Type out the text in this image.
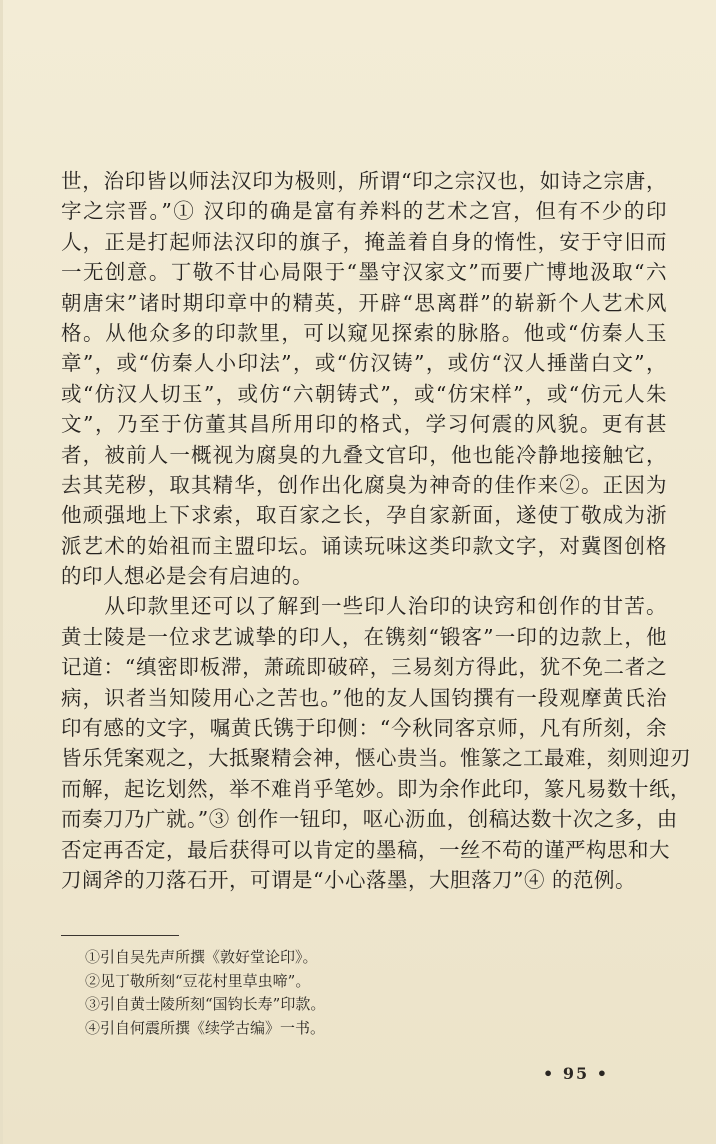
世，治印皆以师法汉印为极则，所谓“印之宗汉也，如诗之宗唐，
字之宗晋。”① 汉印的确是富有养料的艺术之宫，但有不少的印
人，正是打起师法汉印的旗子，掩盖着自身的惰性，安于守旧而
一无创意。丁敬不甘心局限于“墨守汉家文”而要广博地汲取“六
朝唐宋”诸时期印章中的精英，开辟“思离群”的崭新个人艺术风
格。从他众多的印款里，可以窥见探索的脉胳。他或“仿秦人玉
章”，或“仿秦人小印法”，或“仿汉铸”，或仿“汉人捶凿白文”，
或“仿汉人切玉”，或仿“六朝铸式”，或“仿宋样”，或“仿元人朱
文”，乃至于仿董其昌所用印的格式，学习何震的风貌。更有甚
者，被前人一概视为腐臭的九叠文官印，他也能冷静地接触它，
去其芜秽，取其精华，创作出化腐臭为神奇的佳作来②。正因为
他顽强地上下求索，取百家之长，孕自家新面，遂使丁敬成为浙
派艺术的始祖而主盟印坛。诵读玩味这类印款文字，对冀图创格
的印人想必是会有启迪的。
　　从印款里还可以了解到一些印人治印的诀窍和创作的甘苦。
黄士陵是一位求艺诚挚的印人，在镌刻“锻客”一印的边款上，他
记道：“缜密即板滞，萧疏即破碎，三易刻方得此，犹不免二者之
病，识者当知陵用心之苦也。”他的友人国钧撰有一段观摩黄氏治
印有感的文字，嘱黄氏镌于印侧：“今秋同客京师，凡有所刻，余
皆乐凭案观之，大抵聚精会神，惬心贵当。惟篆之工最难，刻则迎刃
而解，起讫划然，举不难肖乎笔妙。即为余作此印，篆凡易数十纸，
而奏刀乃广就。”③ 创作一钮印，呕心沥血，创稿达数十次之多，由
否定再否定，最后获得可以肯定的墨稿，一丝不苟的谨严构思和大
刀阔斧的刀落石开，可谓是“小心落墨，大胆落刀”④ 的范例。
①引自吴先声所撰《敦好堂论印》。
②见丁敬所刻“豆花村里草虫啼”。
③引自黄士陵所刻“国钧长寿”印款。
④引自何震所撰《续学古编》一书。
• 95 •
